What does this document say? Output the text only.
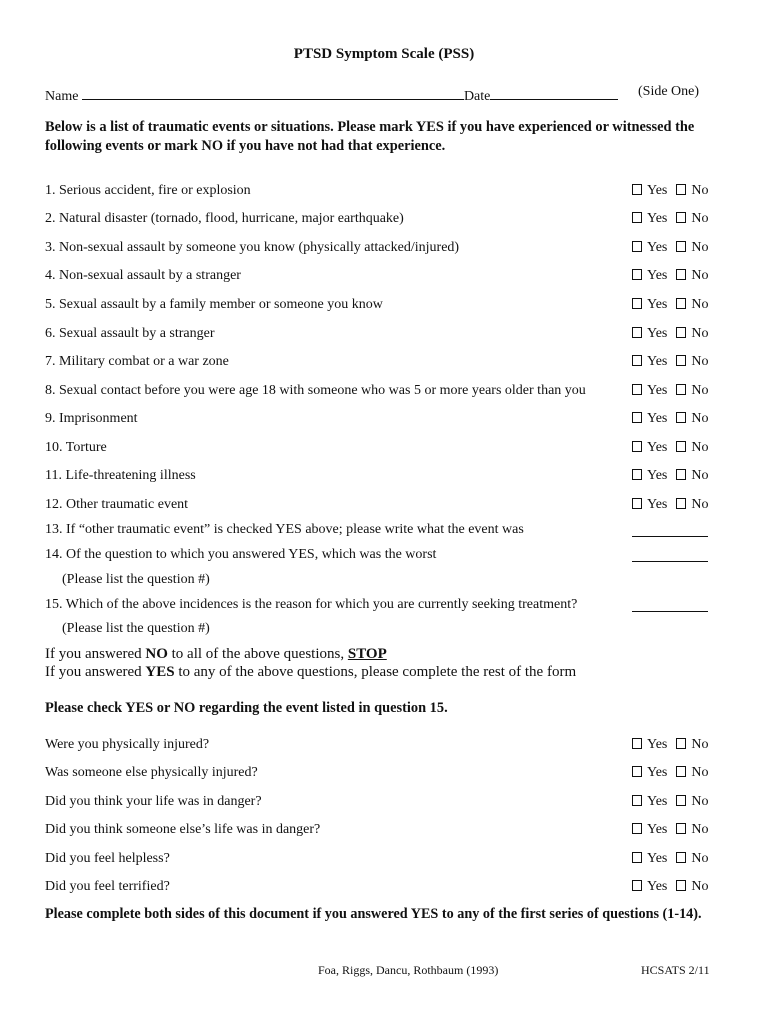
PTSD Symptom Scale (PSS)
Name	Date	(Side One)
Below is a list of traumatic events or situations. Please mark YES if you have experienced or witnessed the following events or mark NO if you have not had that experience.
1. Serious accident, fire or explosion	Yes No
2. Natural disaster (tornado, flood, hurricane, major earthquake)	Yes No
3. Non-sexual assault by someone you know (physically attacked/injured)	Yes No
4. Non-sexual assault by a stranger	Yes No
5. Sexual assault by a family member or someone you know	Yes No
6. Sexual assault by a stranger	Yes No
7. Military combat or a war zone	Yes No
8. Sexual contact before you were age 18 with someone who was 5 or more years older than you	Yes No
9. Imprisonment	Yes No
10. Torture	Yes No
11. Life-threatening illness	Yes No
12. Other traumatic event	Yes No
13. If “other traumatic event” is checked YES above; please write what the event was
14. Of the question to which you answered YES, which was the worst
(Please list the question #)
15. Which of the above incidences is the reason for which you are currently seeking treatment?
(Please list the question #)
If you answered NO to all of the above questions, STOP
If you answered YES to any of the above questions, please complete the rest of the form
Please check YES or NO regarding the event listed in question 15.
Were you physically injured?	Yes No
Was someone else physically injured?	Yes No
Did you think your life was in danger?	Yes No
Did you think someone else’s life was in danger?	Yes No
Did you feel helpless?	Yes No
Did you feel terrified?	Yes No
Please complete both sides of this document if you answered YES to any of the first series of questions (1-14).
Foa, Riggs, Dancu, Rothbaum (1993)	HCSATS 2/11
